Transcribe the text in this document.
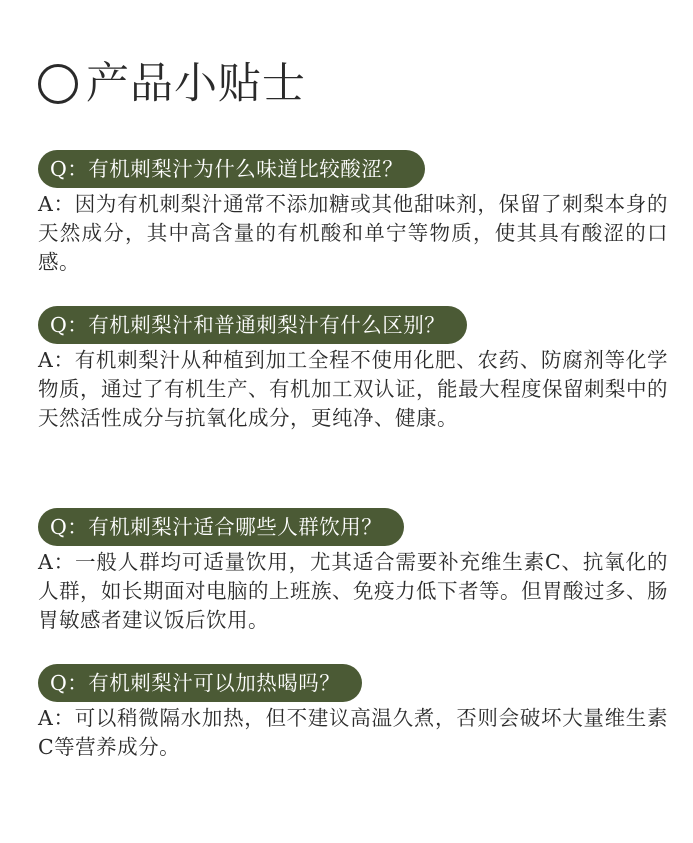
产品小贴士
Q：有机刺梨汁为什么味道比较酸涩？
A：因为有机刺梨汁通常不添加糖或其他甜味剂，保留了刺梨本身的天然成分，其中高含量的有机酸和单宁等物质，使其具有酸涩的口感。
Q：有机刺梨汁和普通刺梨汁有什么区别？
A：有机刺梨汁从种植到加工全程不使用化肥、农药、防腐剂等化学物质，通过了有机生产、有机加工双认证，能最大程度保留刺梨中的天然活性成分与抗氧化成分，更纯净、健康。
Q：有机刺梨汁适合哪些人群饮用？
A：一般人群均可适量饮用，尤其适合需要补充维生素C、抗氧化的人群，如长期面对电脑的上班族、免疫力低下者等。但胃酸过多、肠胃敏感者建议饭后饮用。
Q：有机刺梨汁可以加热喝吗？
A：可以稍微隔水加热，但不建议高温久煮，否则会破坏大量维生素C等营养成分。
